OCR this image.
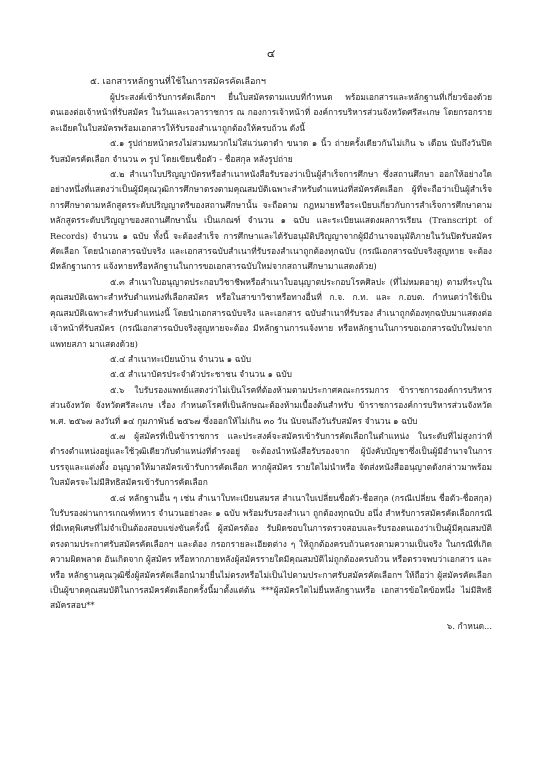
๔

๕. เอกสารหลักฐานที่ใช้ในการสมัครคัดเลือกฯ

ผู้ประสงค์เข้ารับการคัดเลือกฯ ยื่นใบสมัครตามแบบที่กำหนด พร้อมเอกสารและหลักฐานที่เกี่ยวข้องด้วยตนเองต่อเจ้าหน้าที่รับสมัคร ในวันและเวลาราชการ ณ กองการเจ้าหน้าที่ องค์การบริหารส่วนจังหวัดศรีสะเกษ โดยกรอกรายละเอียดในใบสมัครพร้อมเอกสารให้รับรองสำเนาถูกต้องให้ครบถ้วน ดังนี้

๕.๑ รูปถ่ายหน้าตรงไม่สวมหมวกไม่ใส่แว่นตาดำ ขนาด ๑ นิ้ว ถ่ายครั้งเดียวกันไม่เกิน ๖ เดือน นับถึงวันปิดรับสมัครคัดเลือก จำนวน ๓ รูป โดยเขียนชื่อตัว - ชื่อสกุล หลังรูปถ่าย

๕.๒ สำเนาใบปริญญาบัตรหรือสำเนาหนังสือรับรองว่าเป็นผู้สำเร็จการศึกษา ซึ่งสถานศึกษา ออกให้อย่างใดอย่างหนึ่งที่แสดงว่าเป็นผู้มีคุณวุฒิการศึกษาตรงตามคุณสมบัติเฉพาะสำหรับตำแหน่งที่สมัครคัดเลือก ผู้ที่จะถือว่าเป็นผู้สำเร็จการศึกษาตามหลักสูตรระดับปริญญาตรีของสถานศึกษานั้น จะถือตาม กฎหมายหรือระเบียบเกี่ยวกับการสำเร็จการศึกษาตามหลักสูตรระดับปริญญาของสถานศึกษานั้น เป็นเกณฑ์ จำนวน ๑ ฉบับ และระเบียนแสดงผลการเรียน (Transcript of Records) จำนวน ๑ ฉบับ ทั้งนี้ จะต้องสำเร็จ การศึกษาและได้รับอนุมัติปริญญาจากผู้มีอำนาจอนุมัติภายในวันปิดรับสมัครคัดเลือก โดยนำเอกสารฉบับจริง และเอกสารฉบับสำเนาที่รับรองสำเนาถูกต้องทุกฉบับ (กรณีเอกสารฉบับจริงสูญหาย จะต้องมีหลักฐานการ แจ้งหายหรือหลักฐานในการขอเอกสารฉบับใหม่จากสถานศึกษามาแสดงด้วย)

๕.๓ สำเนาใบอนุญาตประกอบวิชาชีพหรือสำเนาใบอนุญาตประกอบโรคศิลปะ (ที่ไม่หมดอายุ) ตามที่ระบุในคุณสมบัติเฉพาะสำหรับตำแหน่งที่เลือกสมัคร หรือในสาขาวิชาหรือทางอื่นที่ ก.จ. ก.ท. และ ก.อบต. กำหนดว่าใช้เป็นคุณสมบัติเฉพาะสำหรับตำแหน่งนี้ โดยนำเอกสารฉบับจริง และเอกสาร ฉบับสำเนาที่รับรอง สำเนาถูกต้องทุกฉบับมาแสดงต่อเจ้าหน้าที่รับสมัคร (กรณีเอกสารฉบับจริงสูญหายจะต้อง มีหลักฐานการแจ้งหาย หรือหลักฐานในการขอเอกสารฉบับใหม่จากแพทยสภา มาแสดงด้วย)

๕.๔ สำเนาทะเบียนบ้าน จำนวน ๑ ฉบับ

๕.๕ สำเนาบัตรประจำตัวประชาชน จำนวน ๑ ฉบับ

๕.๖ ใบรับรองแพทย์แสดงว่าไม่เป็นโรคที่ต้องห้ามตามประกาศคณะกรรมการ ข้าราชการองค์การบริหารส่วนจังหวัด จังหวัดศรีสะเกษ เรื่อง กำหนดโรคที่เป็นลักษณะต้องห้ามเบื้องต้นสำหรับ ข้าราชการองค์การบริหารส่วนจังหวัด พ.ศ. ๒๕๖๗ ลงวันที่ ๑๔ กุมภาพันธ์ ๒๕๖๗ ซึ่งออกให้ไม่เกิน ๓๐ วัน นับจนถึงวันรับสมัคร จำนวน ๑ ฉบับ

๕.๗ ผู้สมัครที่เป็นข้าราชการ และประสงค์จะสมัครเข้ารับการคัดเลือกในตำแหน่ง ในระดับที่ไม่สูงกว่าที่ดำรงตำแหน่งอยู่และใช้วุฒิเดียวกับตำแหน่งที่ดำรงอยู่ จะต้องนำหนังสือรับรองจาก ผู้บังคับบัญชาซึ่งเป็นผู้มีอำนาจในการบรรจุและแต่งตั้ง อนุญาตให้มาสมัครเข้ารับการคัดเลือก หากผู้สมัคร รายใดไม่นำหรือ จัดส่งหนังสืออนุญาตดังกล่าวมาพร้อมใบสมัครจะไม่มีสิทธิสมัครเข้ารับการคัดเลือก

๕.๘ หลักฐานอื่น ๆ เช่น สำเนาใบทะเบียนสมรส สำเนาใบเปลี่ยนชื่อตัว-ชื่อสกุล (กรณีเปลี่ยน ชื่อตัว-ชื่อสกุล) ใบรับรองผ่านการเกณฑ์ทหาร จำนวนอย่างละ ๑ ฉบับ พร้อมรับรองสำเนา ถูกต้องทุกฉบับ อนึ่ง สำหรับการสมัครคัดเลือกกรณีที่มีเหตุพิเศษที่ไม่จำเป็นต้องสอบแข่งขันครั้งนี้ ผู้สมัครต้อง รับผิดชอบในการตรวจสอบและรับรองตนเองว่าเป็นผู้มีคุณสมบัติตรงตามประกาศรับสมัครคัดเลือกฯ และต้อง กรอกรายละเอียดต่าง ๆ ให้ถูกต้องครบถ้วนตรงตามความเป็นจริง ในกรณีที่เกิดความผิดพลาด อันเกิดจาก ผู้สมัคร หรือหากภายหลังผู้สมัครรายใดมีคุณสมบัติไม่ถูกต้องครบถ้วน หรือตรวจพบว่าเอกสาร และหรือ หลักฐานคุณวุฒิซึ่งผู้สมัครคัดเลือกนำมายื่นไม่ตรงหรือไม่เป็นไปตามประกาศรับสมัครคัดเลือกฯ ให้ถือว่า ผู้สมัครคัดเลือกเป็นผู้ขาดคุณสมบัติในการสมัครคัดเลือกครั้งนี้มาตั้งแต่ต้น ***ผู้สมัครใดไม่ยื่นหลักฐานหรือ เอกสารข้อใดข้อหนึ่ง ไม่มีสิทธิสมัครสอบ**

๖. กำหนด...
